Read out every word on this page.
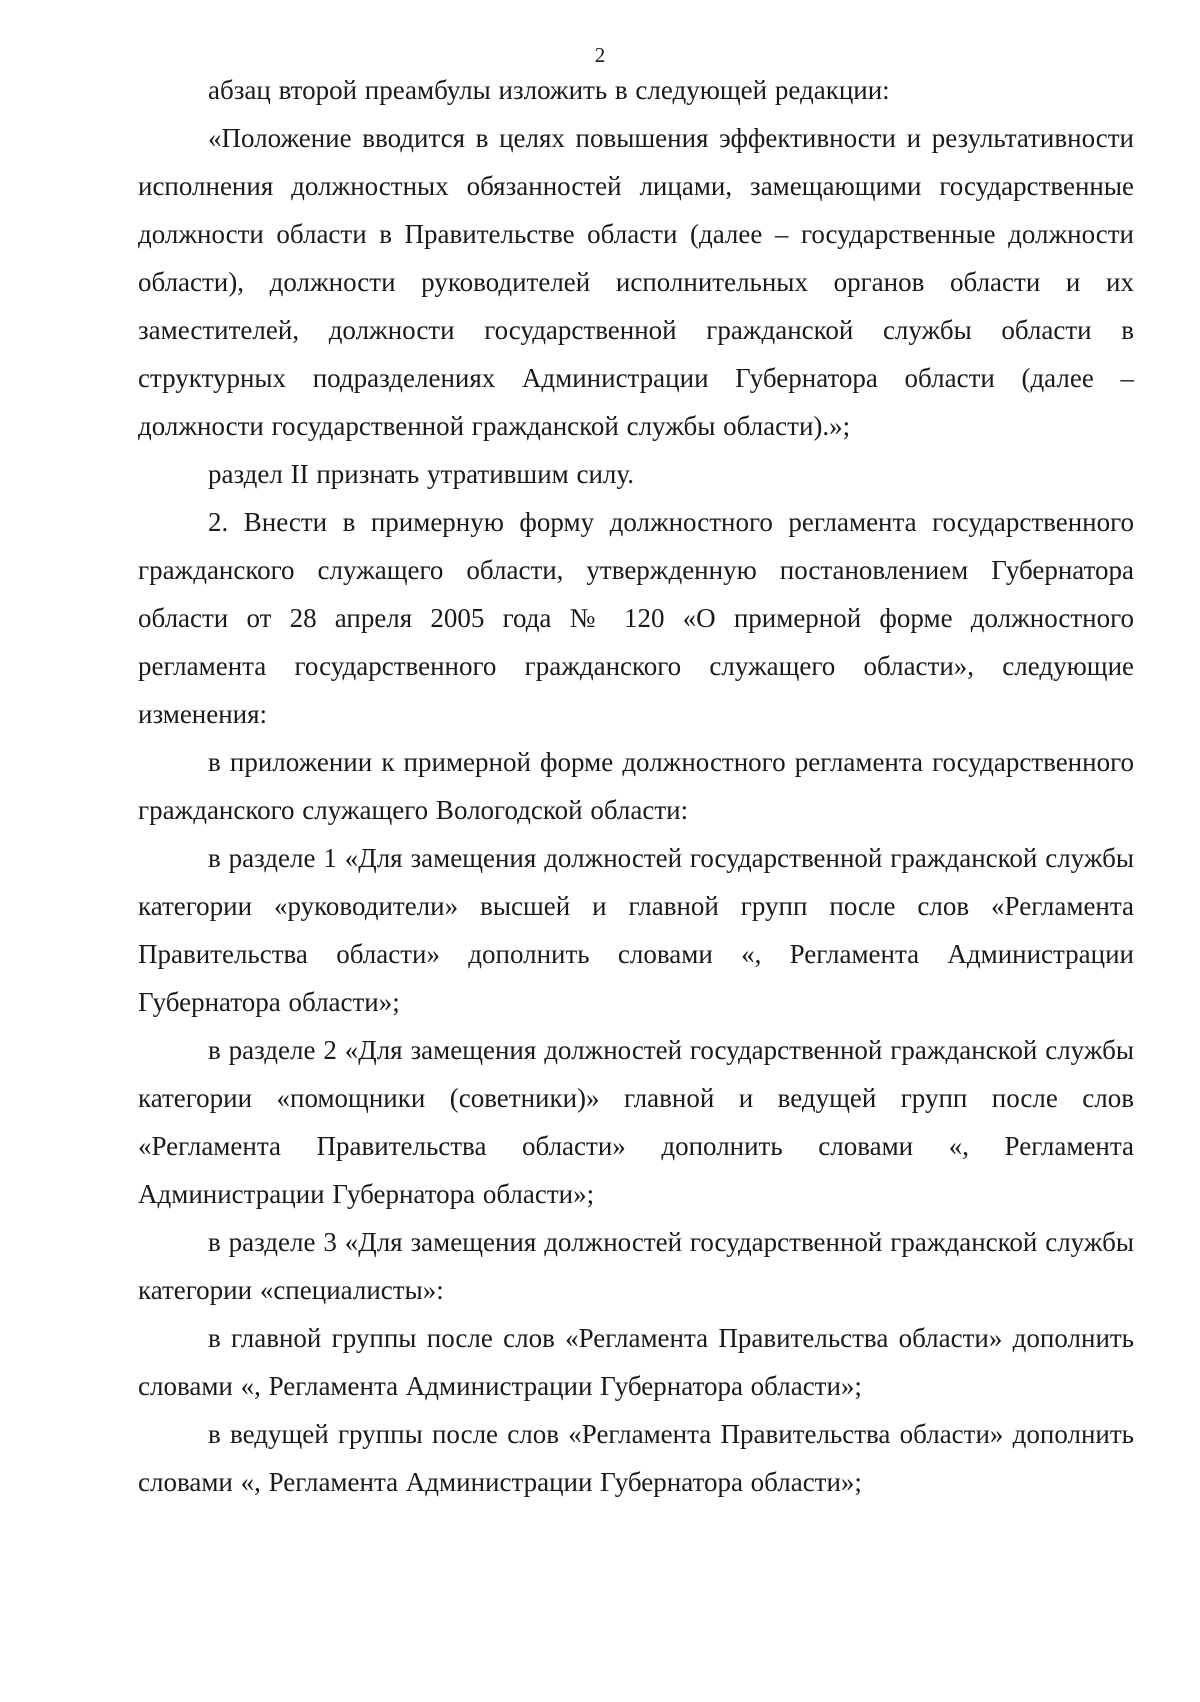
2

абзац второй преамбулы изложить в следующей редакции:

«Положение вводится в целях повышения эффективности и результативности исполнения должностных обязанностей лицами, замещающими государственные должности области в Правительстве области (далее – государственные должности области), должности руководителей исполнительных органов области и их заместителей, должности государственной гражданской службы области в структурных подразделениях Администрации Губернатора области (далее – должности государственной гражданской службы области).»;

раздел II признать утратившим силу.

2. Внести в примерную форму должностного регламента государственного гражданского служащего области, утвержденную постановлением Губернатора области от 28 апреля 2005 года № 120 «О примерной форме должностного регламента государственного гражданского служащего области», следующие изменения:

в приложении к примерной форме должностного регламента государственного гражданского служащего Вологодской области:

в разделе 1 «Для замещения должностей государственной гражданской службы категории «руководители» высшей и главной групп после слов «Регламента Правительства области» дополнить словами «, Регламента Администрации Губернатора области»;

в разделе 2 «Для замещения должностей государственной гражданской службы категории «помощники (советники)» главной и ведущей групп после слов «Регламента Правительства области» дополнить словами «, Регламента Администрации Губернатора области»;

в разделе 3 «Для замещения должностей государственной гражданской службы категории «специалисты»:

в главной группы после слов «Регламента Правительства области» дополнить словами «, Регламента Администрации Губернатора области»;

в ведущей группы после слов «Регламента Правительства области» дополнить словами «, Регламента Администрации Губернатора области»;
